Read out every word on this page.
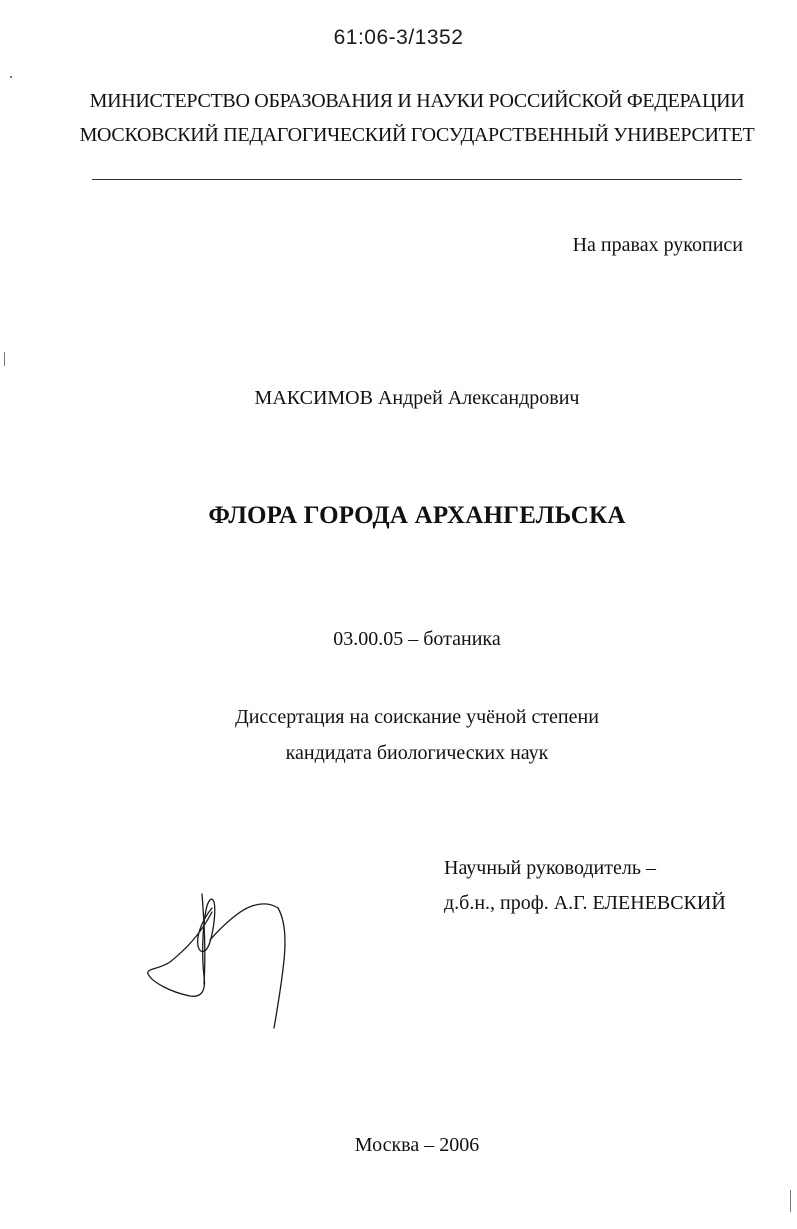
61:06-3/1352
МИНИСТЕРСТВО ОБРАЗОВАНИЯ И НАУКИ РОССИЙСКОЙ ФЕДЕРАЦИИ
МОСКОВСКИЙ ПЕДАГОГИЧЕСКИЙ ГОСУДАРСТВЕННЫЙ УНИВЕРСИТЕТ
На правах рукописи
МАКСИМОВ Андрей Александрович
ФЛОРА ГОРОДА АРХАНГЕЛЬСКА
03.00.05 – ботаника
Диссертация на соискание учёной степени
кандидата биологических наук
Научный руководитель –
д.б.н., проф. А.Г. ЕЛЕНЕВСКИЙ
Москва – 2006
